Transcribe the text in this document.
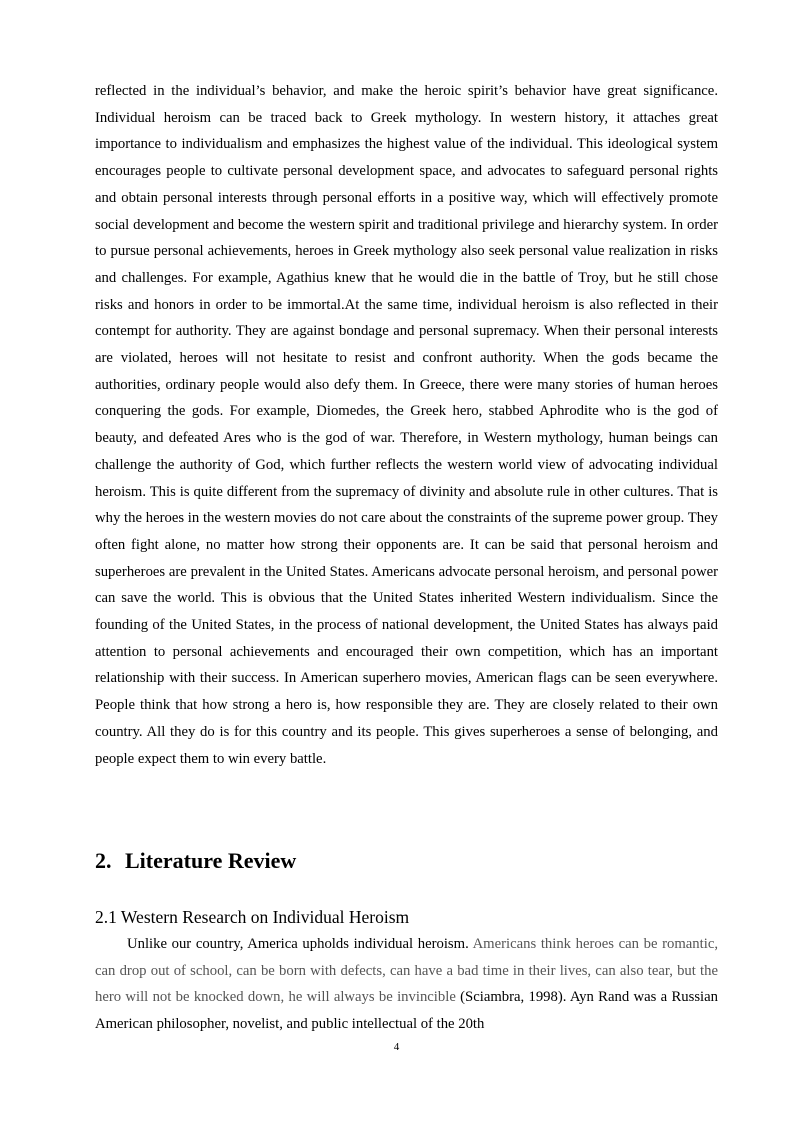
reflected in the individual’s behavior, and make the heroic spirit’s behavior have great significance. Individual heroism can be traced back to Greek mythology. In western history, it attaches great importance to individualism and emphasizes the highest value of the individual. This ideological system encourages people to cultivate personal development space, and advocates to safeguard personal rights and obtain personal interests through personal efforts in a positive way, which will effectively promote social development and become the western spirit and traditional privilege and hierarchy system. In order to pursue personal achievements, heroes in Greek mythology also seek personal value realization in risks and challenges. For example, Agathius knew that he would die in the battle of Troy, but he still chose risks and honors in order to be immortal.At the same time, individual heroism is also reflected in their contempt for authority. They are against bondage and personal supremacy. When their personal interests are violated, heroes will not hesitate to resist and confront authority. When the gods became the authorities, ordinary people would also defy them. In Greece, there were many stories of human heroes conquering the gods. For example, Diomedes, the Greek hero, stabbed Aphrodite who is the god of beauty, and defeated Ares who is the god of war. Therefore, in Western mythology, human beings can challenge the authority of God, which further reflects the western world view of advocating individual heroism. This is quite different from the supremacy of divinity and absolute rule in other cultures. That is why the heroes in the western movies do not care about the constraints of the supreme power group. They often fight alone, no matter how strong their opponents are. It can be said that personal heroism and superheroes are prevalent in the United States. Americans advocate personal heroism, and personal power can save the world. This is obvious that the United States inherited Western individualism. Since the founding of the United States, in the process of national development, the United States has always paid attention to personal achievements and encouraged their own competition, which has an important relationship with their success. In American superhero movies, American flags can be seen everywhere. People think that how strong a hero is, how responsible they are. They are closely related to their own country. All they do is for this country and its people. This gives superheroes a sense of belonging, and people expect them to win every battle.

2. Literature Review
2.1 Western Research on Individual Heroism

Unlike our country, America upholds individual heroism. Americans think heroes can be romantic, can drop out of school, can be born with defects, can have a bad time in their lives, can also tear, but the hero will not be knocked down, he will always be invincible (Sciambra, 1998). Ayn Rand was a Russian American philosopher, novelist, and public intellectual of the 20th

4
